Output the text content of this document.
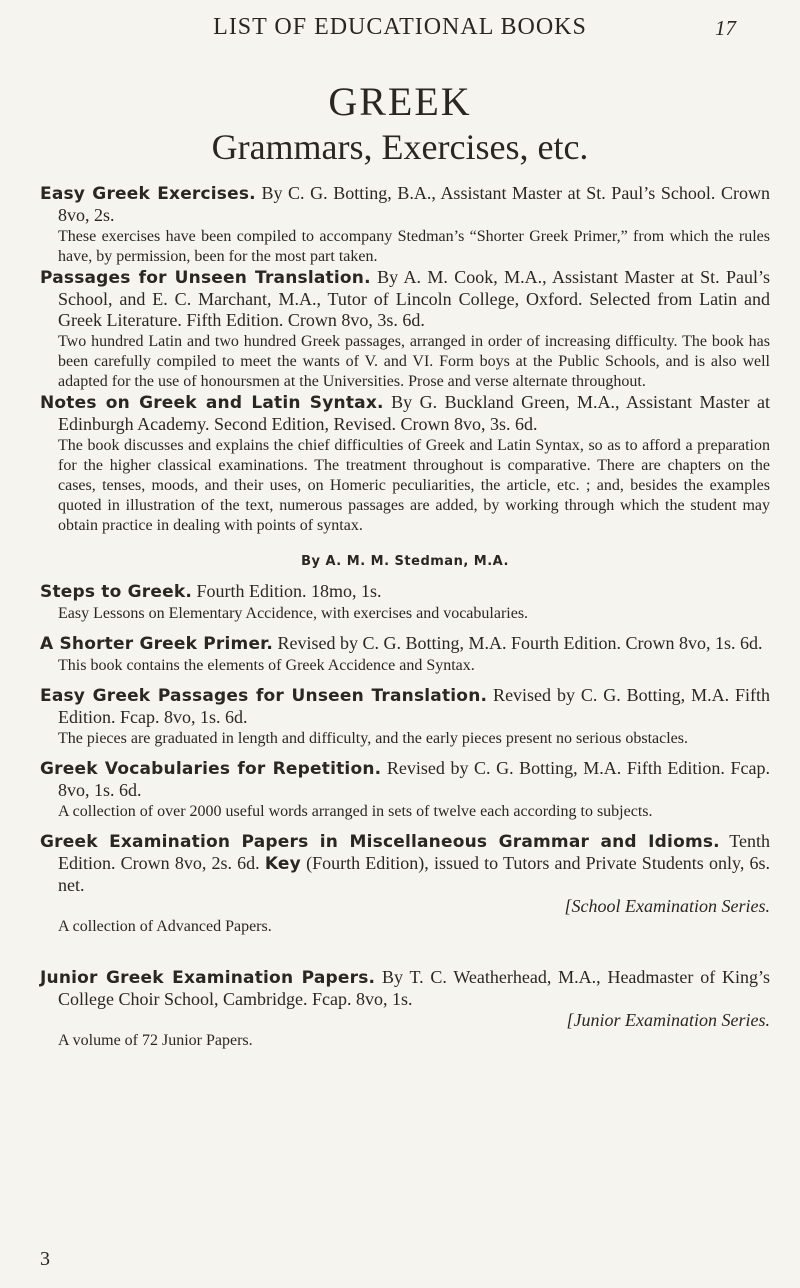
LIST OF EDUCATIONAL BOOKS	17
GREEK
Grammars, Exercises, etc.

Easy Greek Exercises. By C. G. Botting, B.A., Assistant Master at St. Paul’s School. Crown 8vo, 2s.

These exercises have been compiled to accompany Stedman’s “Shorter Greek Primer,” from which the rules have, by permission, been for the most part taken.

Passages for Unseen Translation. By A. M. Cook, M.A., Assistant Master at St. Paul’s School, and E. C. Marchant, M.A., Tutor of Lincoln College, Oxford. Selected from Latin and Greek Literature. Fifth Edition. Crown 8vo, 3s. 6d.

Two hundred Latin and two hundred Greek passages, arranged in order of increasing difficulty. The book has been carefully compiled to meet the wants of V. and VI. Form boys at the Public Schools, and is also well adapted for the use of honoursmen at the Universities. Prose and verse alternate throughout.

Notes on Greek and Latin Syntax. By G. Buckland Green, M.A., Assistant Master at Edinburgh Academy. Second Edition, Revised. Crown 8vo, 3s. 6d.

The book discusses and explains the chief difficulties of Greek and Latin Syntax, so as to afford a preparation for the higher classical examinations. The treatment throughout is comparative. There are chapters on the cases, tenses, moods, and their uses, on Homeric peculiarities, the article, etc. ; and, besides the examples quoted in illustration of the text, numerous passages are added, by working through which the student may obtain practice in dealing with points of syntax.

By A. M. M. Stedman, M.A.

Steps to Greek. Fourth Edition. 18mo, 1s.

Easy Lessons on Elementary Accidence, with exercises and vocabularies.

A Shorter Greek Primer. Revised by C. G. Botting, M.A. Fourth Edition. Crown 8vo, 1s. 6d.

This book contains the elements of Greek Accidence and Syntax.

Easy Greek Passages for Unseen Translation. Revised by C. G. Botting, M.A. Fifth Edition. Fcap. 8vo, 1s. 6d.

The pieces are graduated in length and difficulty, and the early pieces present no serious obstacles.

Greek Vocabularies for Repetition. Revised by C. G. Botting, M.A. Fifth Edition. Fcap. 8vo, 1s. 6d.

A collection of over 2000 useful words arranged in sets of twelve each according to subjects.

Greek Examination Papers in Miscellaneous Grammar and Idioms. Tenth Edition. Crown 8vo, 2s. 6d. Key (Fourth Edition), issued to Tutors and Private Students only, 6s. net.

[School Examination Series.

A collection of Advanced Papers.

Junior Greek Examination Papers. By T. C. Weatherhead, M.A., Headmaster of King’s College Choir School, Cambridge. Fcap. 8vo, 1s.

[Junior Examination Series.

A volume of 72 Junior Papers.

3
